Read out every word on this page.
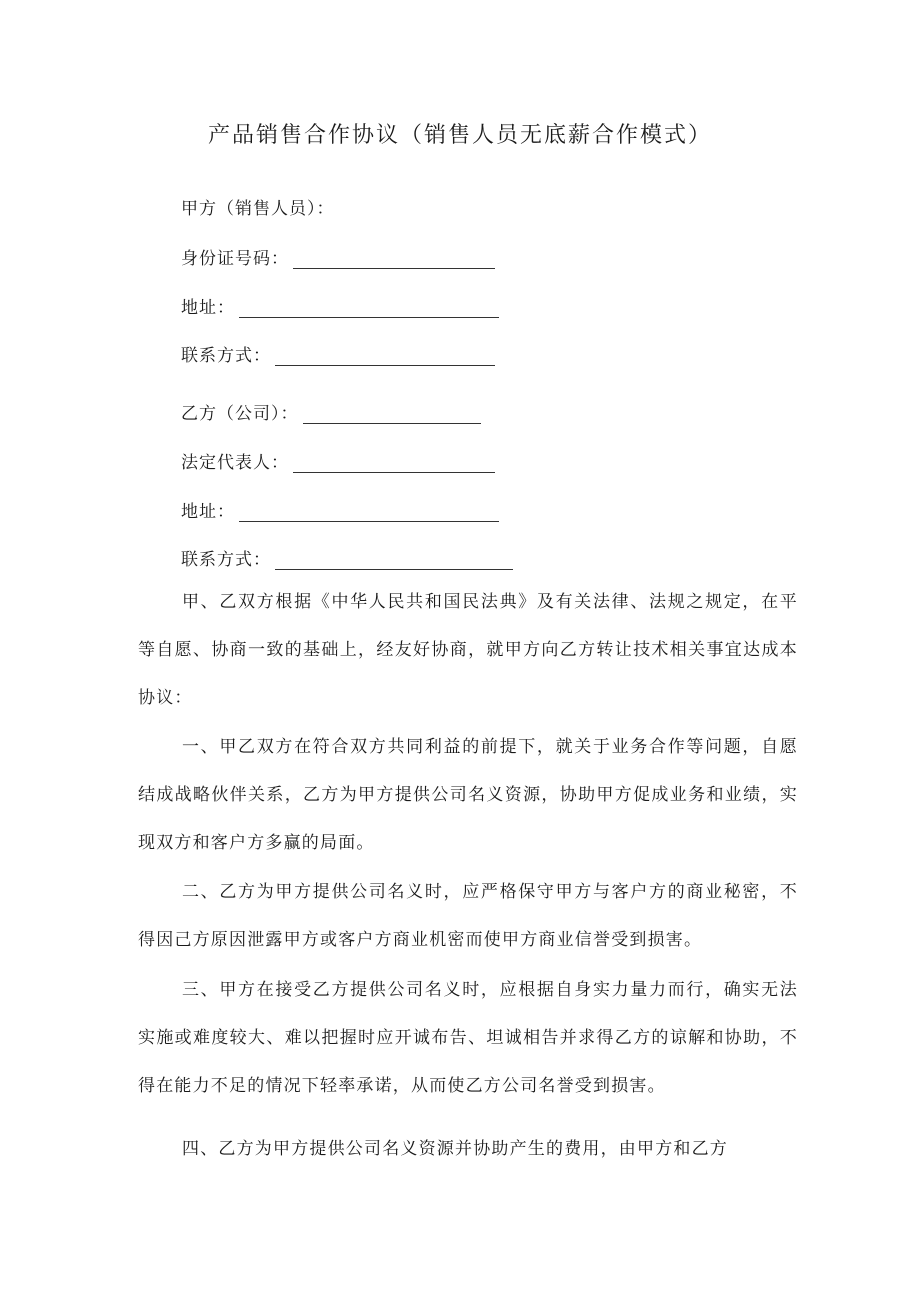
产品销售合作协议（销售人员无底薪合作模式）
甲方（销售人员）：
身份证号码：
地址：
联系方式：
乙方（公司）：
法定代表人：
地址：
联系方式：
甲、乙双方根据《中华人民共和国民法典》及有关法律、法规之规定，在平等自愿、协商一致的基础上，经友好协商，就甲方向乙方转让技术相关事宜达成本协议：
一、甲乙双方在符合双方共同利益的前提下，就关于业务合作等问题，自愿结成战略伙伴关系，乙方为甲方提供公司名义资源，协助甲方促成业务和业绩，实现双方和客户方多赢的局面。
二、乙方为甲方提供公司名义时，应严格保守甲方与客户方的商业秘密，不得因己方原因泄露甲方或客户方商业机密而使甲方商业信誉受到损害。
三、甲方在接受乙方提供公司名义时，应根据自身实力量力而行，确实无法实施或难度较大、难以把握时应开诚布告、坦诚相告并求得乙方的谅解和协助，不得在能力不足的情况下轻率承诺，从而使乙方公司名誉受到损害。
四、乙方为甲方提供公司名义资源并协助产生的费用，由甲方和乙方
